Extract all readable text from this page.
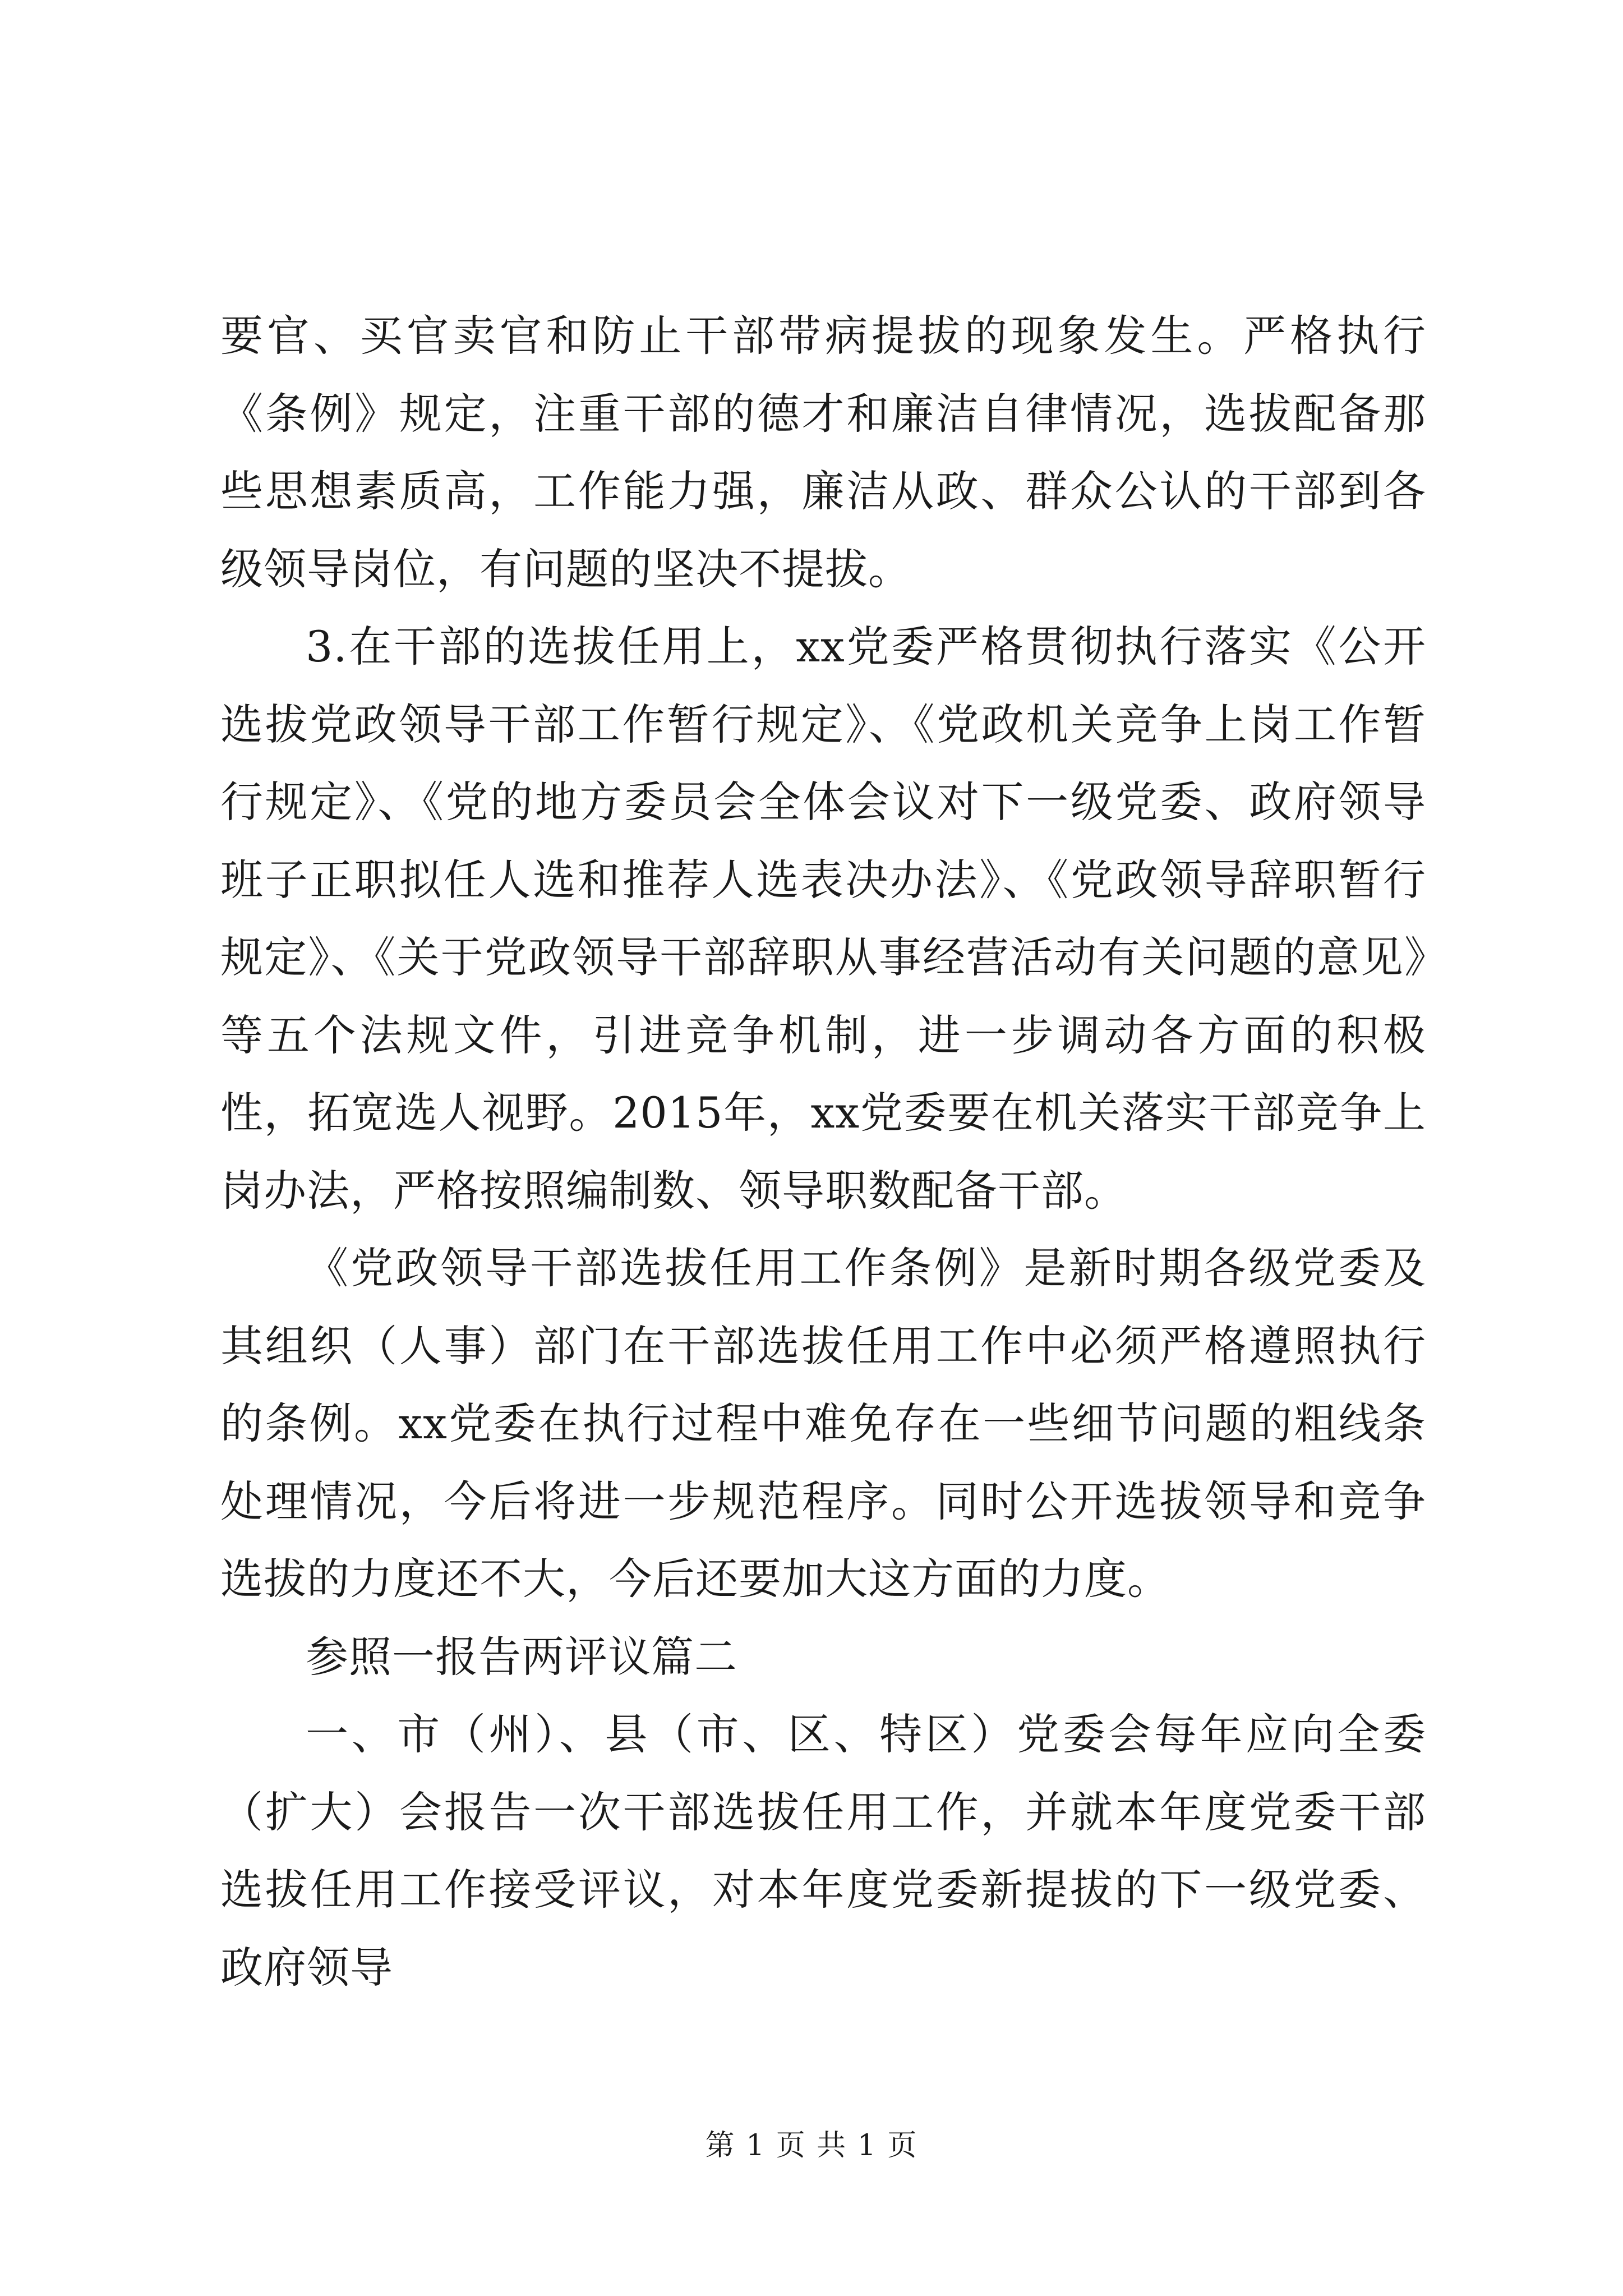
要官、买官卖官和防止干部带病提拔的现象发生。严格执行《条例》规定，注重干部的德才和廉洁自律情况，选拔配备那些思想素质高，工作能力强，廉洁从政、群众公认的干部到各级领导岗位，有问题的坚决不提拔。

3.在干部的选拔任用上，xx党委严格贯彻执行落实《公开选拔党政领导干部工作暂行规定》、《党政机关竞争上岗工作暂行规定》、《党的地方委员会全体会议对下一级党委、政府领导班子正职拟任人选和推荐人选表决办法》、《党政领导辞职暂行规定》、《关于党政领导干部辞职从事经营活动有关问题的意见》等五个法规文件，引进竞争机制，进一步调动各方面的积极性，拓宽选人视野。2015年，xx党委要在机关落实干部竞争上岗办法，严格按照编制数、领导职数配备干部。

《党政领导干部选拔任用工作条例》是新时期各级党委及其组织（人事）部门在干部选拔任用工作中必须严格遵照执行的条例。xx党委在执行过程中难免存在一些细节问题的粗线条处理情况，今后将进一步规范程序。同时公开选拔领导和竞争选拔的力度还不大，今后还要加大这方面的力度。

参照一报告两评议篇二

一、市（州）、县（市、区、特区）党委会每年应向全委（扩大）会报告一次干部选拔任用工作，并就本年度党委干部选拔任用工作接受评议，对本年度党委新提拔的下一级党委、政府领导

第 1 页 共 1 页
